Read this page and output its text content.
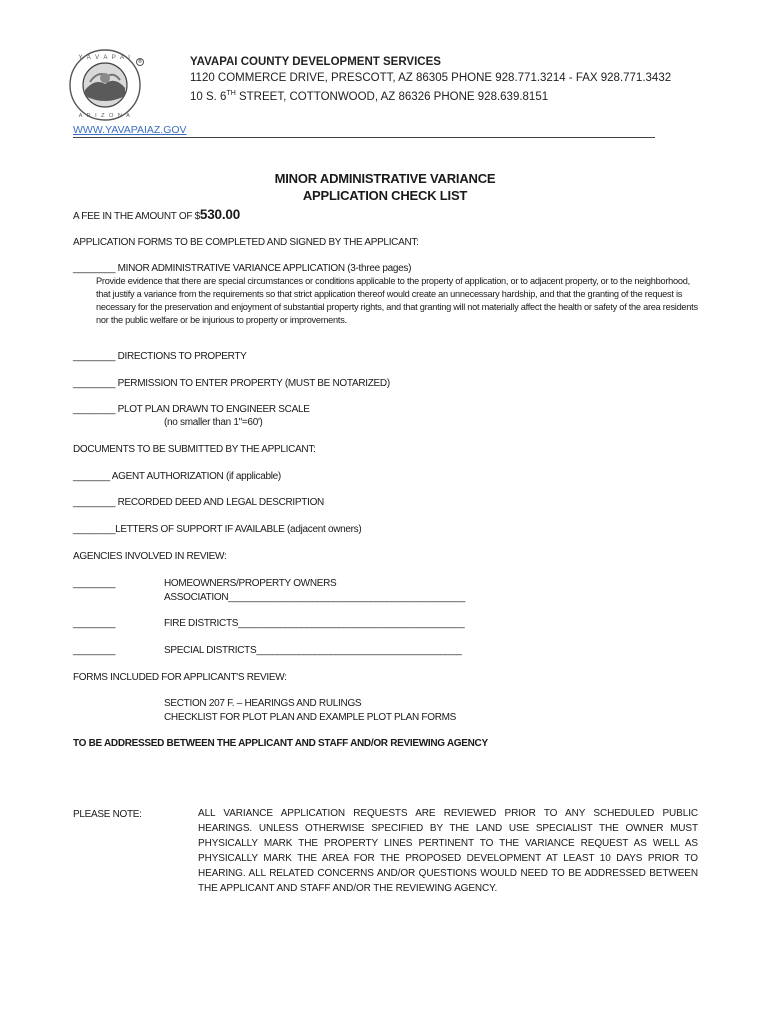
Y A V A P A I
A R I Z O N A
®	YAVAPAI COUNTY DEVELOPMENT SERVICES
1120 COMMERCE DRIVE, PRESCOTT, AZ 86305 PHONE 928.771.3214 - FAX 928.771.3432
10 S. 6TH STREET, COTTONWOOD, AZ 86326 PHONE 928.639.8151
WWW.YAVAPAIAZ.GOV
MINOR ADMINISTRATIVE VARIANCE
APPLICATION CHECK LIST
A FEE IN THE AMOUNT OF $530.00
APPLICATION FORMS TO BE COMPLETED AND SIGNED BY THE APPLICANT:
________ MINOR ADMINISTRATIVE VARIANCE APPLICATION (3-three pages)
Provide evidence that there are special circumstances or conditions applicable to the property of application, or to adjacent property, or to the neighborhood, that justify a variance from the requirements so that strict application thereof would create an unnecessary hardship, and that the granting of the request is necessary for the preservation and enjoyment of substantial property rights, and that granting will not materially affect the health or safety of the area residents nor the public welfare or be injurious to property or improvements.
________ DIRECTIONS TO PROPERTY
________ PERMISSION TO ENTER PROPERTY (MUST BE NOTARIZED)
________ PLOT PLAN DRAWN TO ENGINEER SCALE
(no smaller than 1"=60')
DOCUMENTS TO BE SUBMITTED BY THE APPLICANT:
_______ AGENT AUTHORIZATION (if applicable)
________ RECORDED DEED AND LEGAL DESCRIPTION
________LETTERS OF SUPPORT IF AVAILABLE (adjacent owners)
AGENCIES INVOLVED IN REVIEW:
________	HOMEOWNERS/PROPERTY OWNERS
ASSOCIATION_____________________________________________
________	FIRE DISTRICTS___________________________________________
________	SPECIAL DISTRICTS_______________________________________
FORMS INCLUDED FOR APPLICANT'S REVIEW:
SECTION 207 F. – HEARINGS AND RULINGS
CHECKLIST FOR PLOT PLAN AND EXAMPLE PLOT PLAN FORMS
TO BE ADDRESSED BETWEEN THE APPLICANT AND STAFF AND/OR REVIEWING AGENCY
PLEASE NOTE:	ALL VARIANCE APPLICATION REQUESTS ARE REVIEWED PRIOR TO ANY SCHEDULED PUBLIC HEARINGS. UNLESS OTHERWISE SPECIFIED BY THE LAND USE SPECIALIST THE OWNER MUST PHYSICALLY MARK THE PROPERTY LINES PERTINENT TO THE VARIANCE REQUEST AS WELL AS PHYSICALLY MARK THE AREA FOR THE PROPOSED DEVELOPMENT AT LEAST 10 DAYS PRIOR TO HEARING. ALL RELATED CONCERNS AND/OR QUESTIONS WOULD NEED TO BE ADDRESSED BETWEEN THE APPLICANT AND STAFF AND/OR THE REVIEWING AGENCY.
